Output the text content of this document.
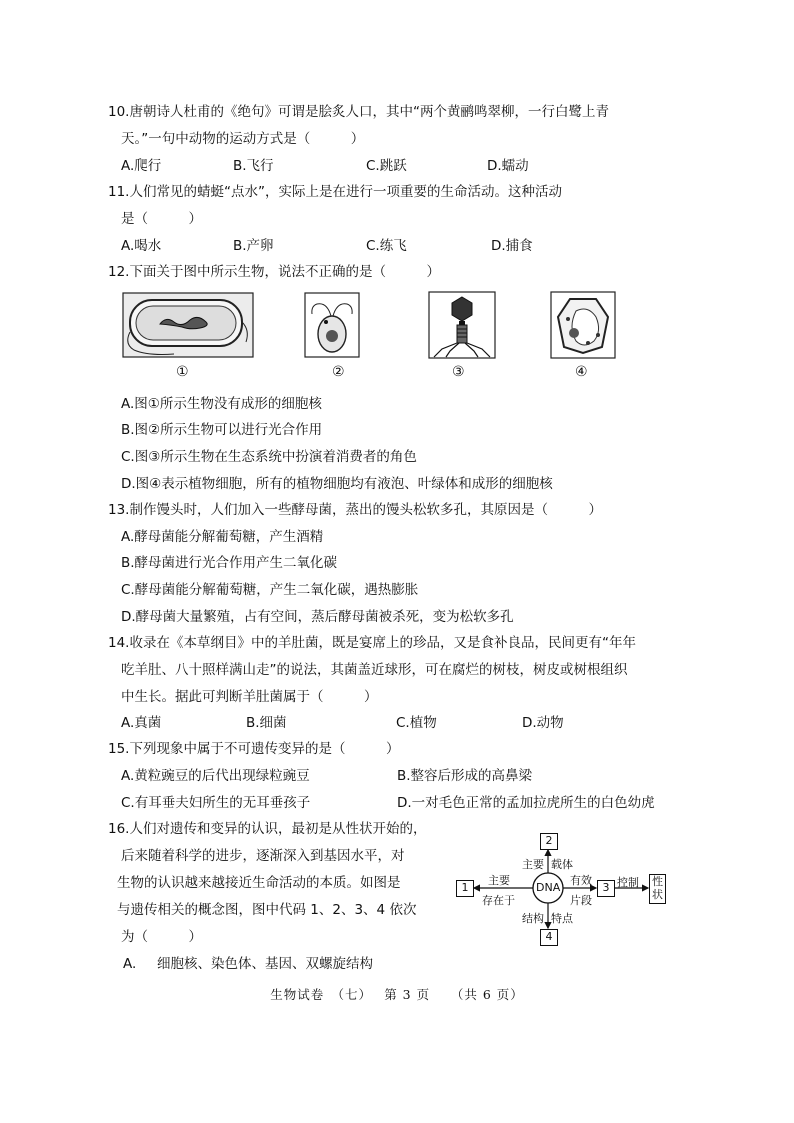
10.唐朝诗人杜甫的《绝句》可谓是脍炙人口，其中“两个黄鹂鸣翠柳，一行白鹭上青
天。”一句中动物的运动方式是（　　　）
A.爬行	B.飞行	C.跳跃	D.蠕动
11.人们常见的蜻蜓“点水”，实际上是在进行一项重要的生命活动。这种活动
是（　　　）
A.喝水	B.产卵	C.练飞	D.捕食
12.下面关于图中所示生物，说法不正确的是（　　　）
①	②	③	④
A.图①所示生物没有成形的细胞核
B.图②所示生物可以进行光合作用
C.图③所示生物在生态系统中扮演着消费者的角色
D.图④表示植物细胞，所有的植物细胞均有液泡、叶绿体和成形的细胞核
13.制作馒头时，人们加入一些酵母菌，蒸出的馒头松软多孔，其原因是（　　　）
A.酵母菌能分解葡萄糖，产生酒精
B.酵母菌进行光合作用产生二氧化碳
C.酵母菌能分解葡萄糖，产生二氧化碳，遇热膨胀
D.酵母菌大量繁殖，占有空间，蒸后酵母菌被杀死，变为松软多孔
14.收录在《本草纲目》中的羊肚菌，既是宴席上的珍品，又是食补良品，民间更有“年年
吃羊肚、八十照样满山走”的说法，其菌盖近球形，可在腐烂的树枝，树皮或树根组织
中生长。据此可判断羊肚菌属于（　　　）
A.真菌	B.细菌	C.植物	D.动物
15.下列现象中属于不可遗传变异的是（　　　）
A.黄粒豌豆的后代出现绿粒豌豆	B.整容后形成的高鼻梁
C.有耳垂夫妇所生的无耳垂孩子	D.一对毛色正常的孟加拉虎所生的白色幼虎
16.人们对遗传和变异的认识，最初是从性状开始的，
后来随着科学的进步，逐渐深入到基因水平，对
生物的认识越来越接近生命活动的本质。如图是
与遗传相关的概念图，图中代码 1、2、3、4 依次
为（　　　）
A. 细胞核、染色体、基因、双螺旋结构
DNA
1
2
3
4
性状
主要
存在于
主要 载体
有效
片段
控制
结构 特点
生物试卷　（七）　 第 3 页　　（共 6 页）
